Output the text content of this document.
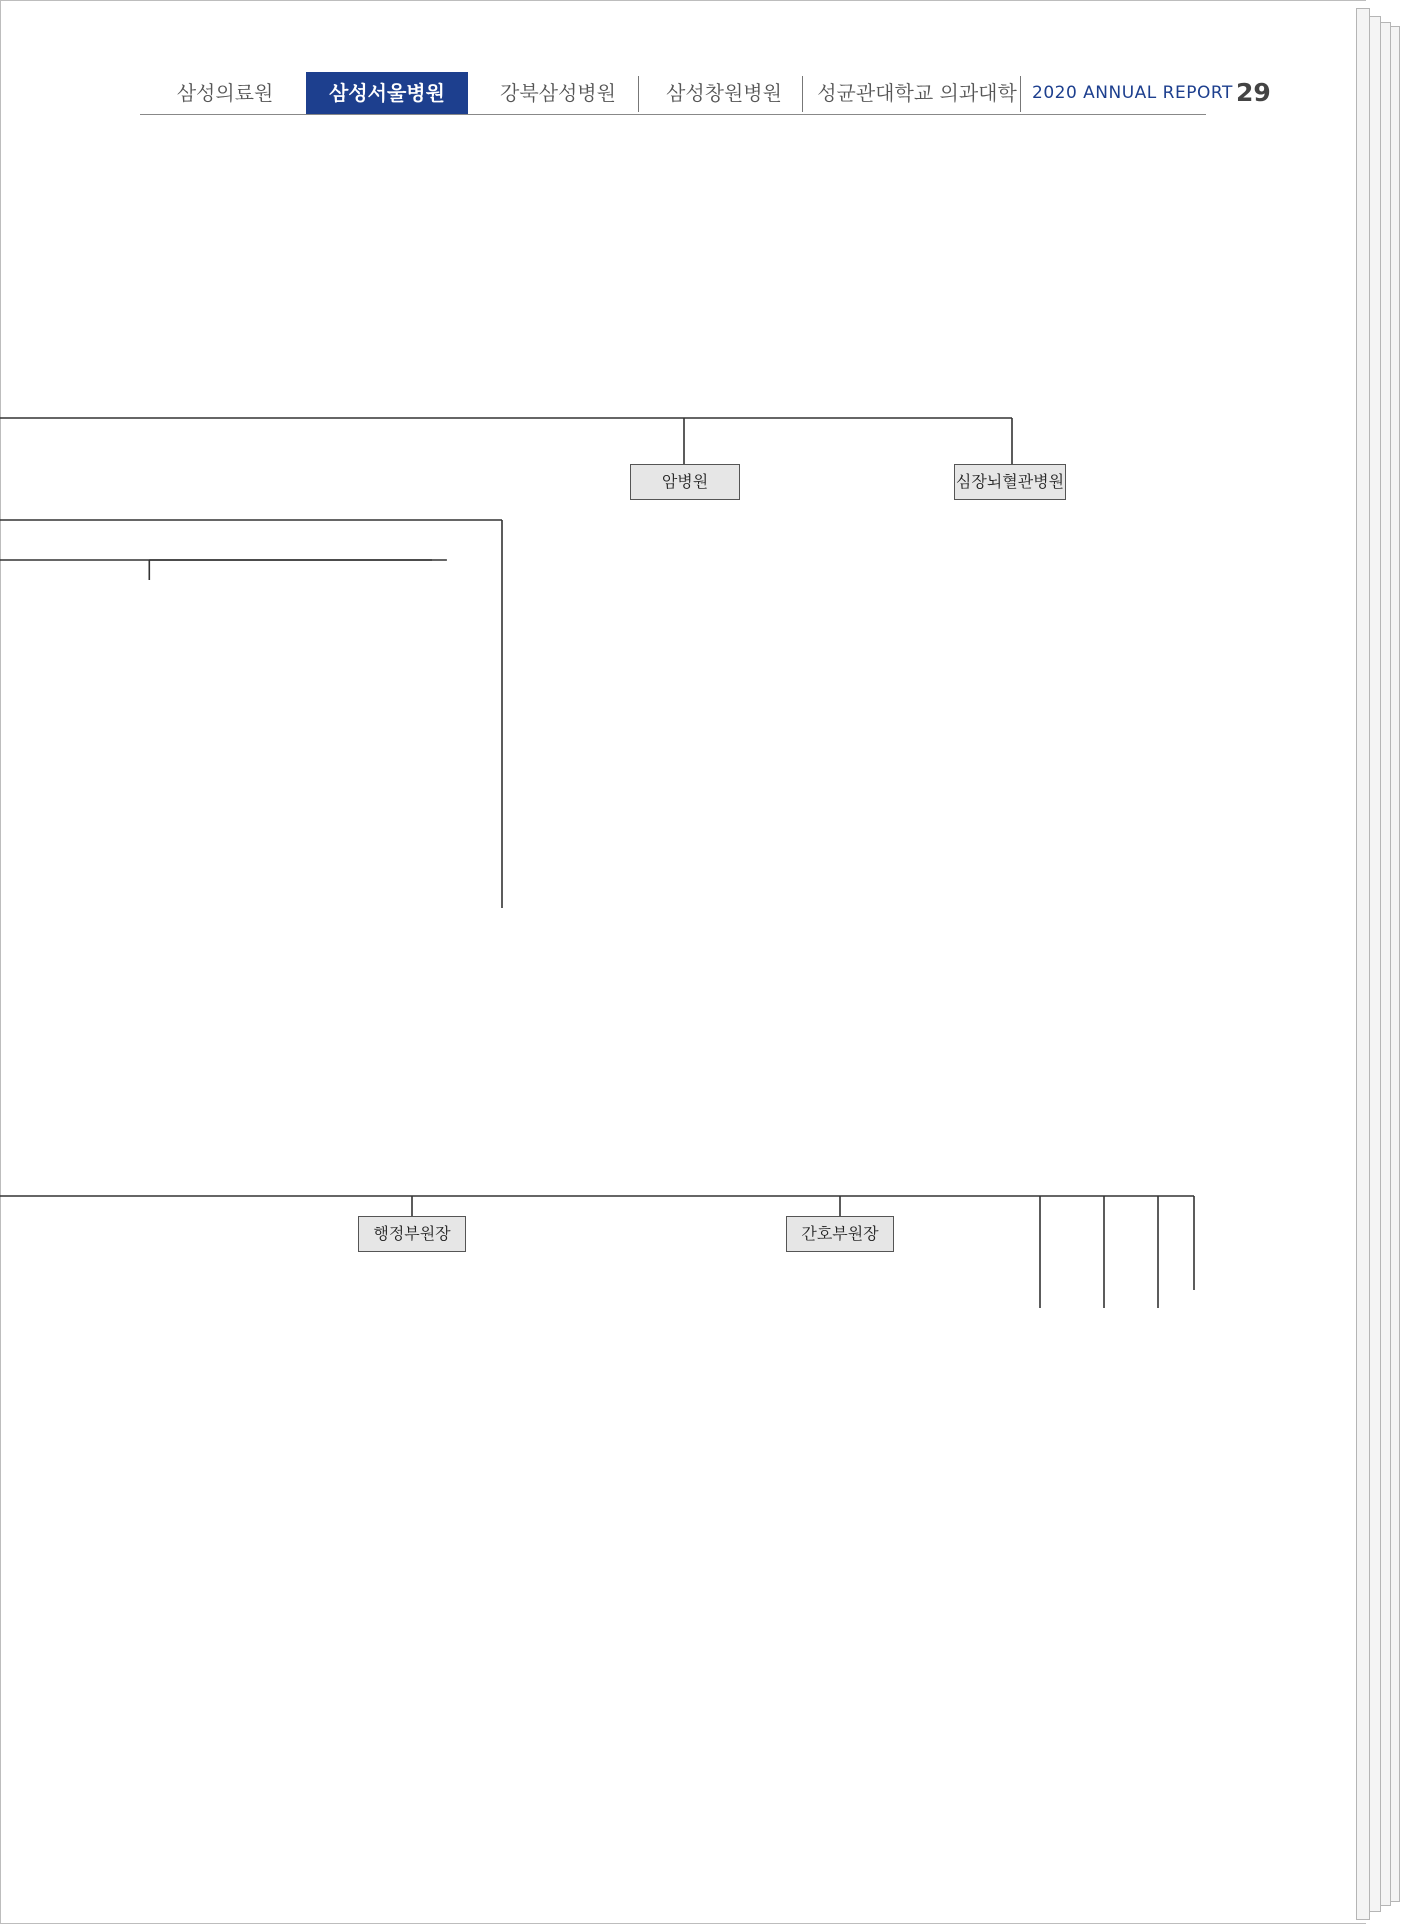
삼성의료원	삼성서울병원	강북삼성병원	삼성창원병원	성균관대학교 의과대학 2020 ANNUAL REPORT 29
암병원	심장뇌혈관병원
행정부원장	간호부원장
